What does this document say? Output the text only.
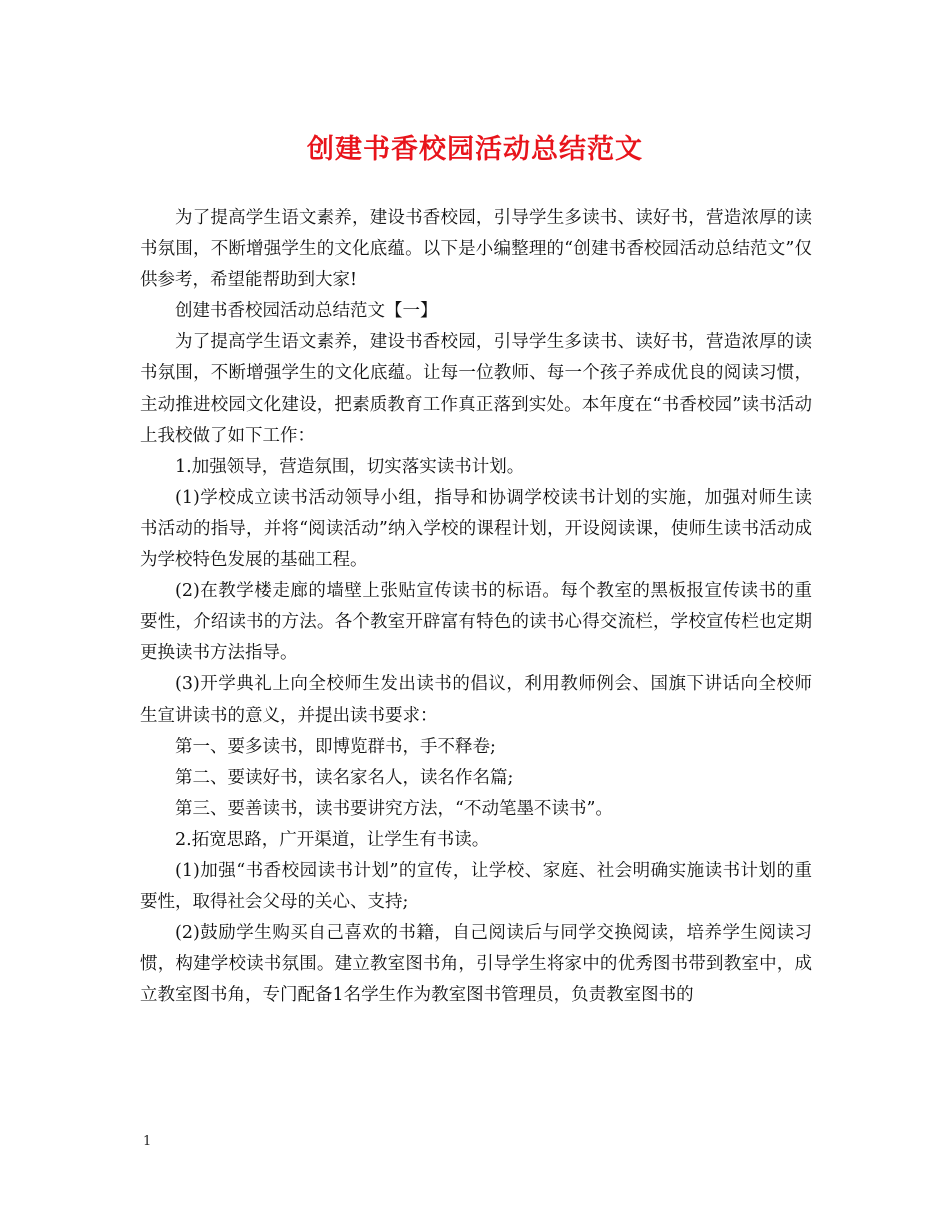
创建书香校园活动总结范文

为了提高学生语文素养，建设书香校园，引导学生多读书、读好书，营造浓厚的读书氛围，不断增强学生的文化底蕴。以下是小编整理的“创建书香校园活动总结范文”仅供参考，希望能帮助到大家!

创建书香校园活动总结范文【一】

为了提高学生语文素养，建设书香校园，引导学生多读书、读好书，营造浓厚的读书氛围，不断增强学生的文化底蕴。让每一位教师、每一个孩子养成优良的阅读习惯，主动推进校园文化建设，把素质教育工作真正落到实处。本年度在“书香校园”读书活动上我校做了如下工作：

1.加强领导，营造氛围，切实落实读书计划。

(1)学校成立读书活动领导小组，指导和协调学校读书计划的实施，加强对师生读书活动的指导，并将“阅读活动”纳入学校的课程计划，开设阅读课，使师生读书活动成为学校特色发展的基础工程。

(2)在教学楼走廊的墙壁上张贴宣传读书的标语。每个教室的黑板报宣传读书的重要性，介绍读书的方法。各个教室开辟富有特色的读书心得交流栏，学校宣传栏也定期更换读书方法指导。

(3)开学典礼上向全校师生发出读书的倡议，利用教师例会、国旗下讲话向全校师生宣讲读书的意义，并提出读书要求：

第一、要多读书，即博览群书，手不释卷;

第二、要读好书，读名家名人，读名作名篇;

第三、要善读书，读书要讲究方法，“不动笔墨不读书”。

2.拓宽思路，广开渠道，让学生有书读。

(1)加强“书香校园读书计划”的宣传，让学校、家庭、社会明确实施读书计划的重要性，取得社会父母的关心、支持;

(2)鼓励学生购买自己喜欢的书籍，自己阅读后与同学交换阅读，培养学生阅读习惯，构建学校读书氛围。建立教室图书角，引导学生将家中的优秀图书带到教室中，成立教室图书角，专门配备1名学生作为教室图书管理员，负责教室图书的

1
